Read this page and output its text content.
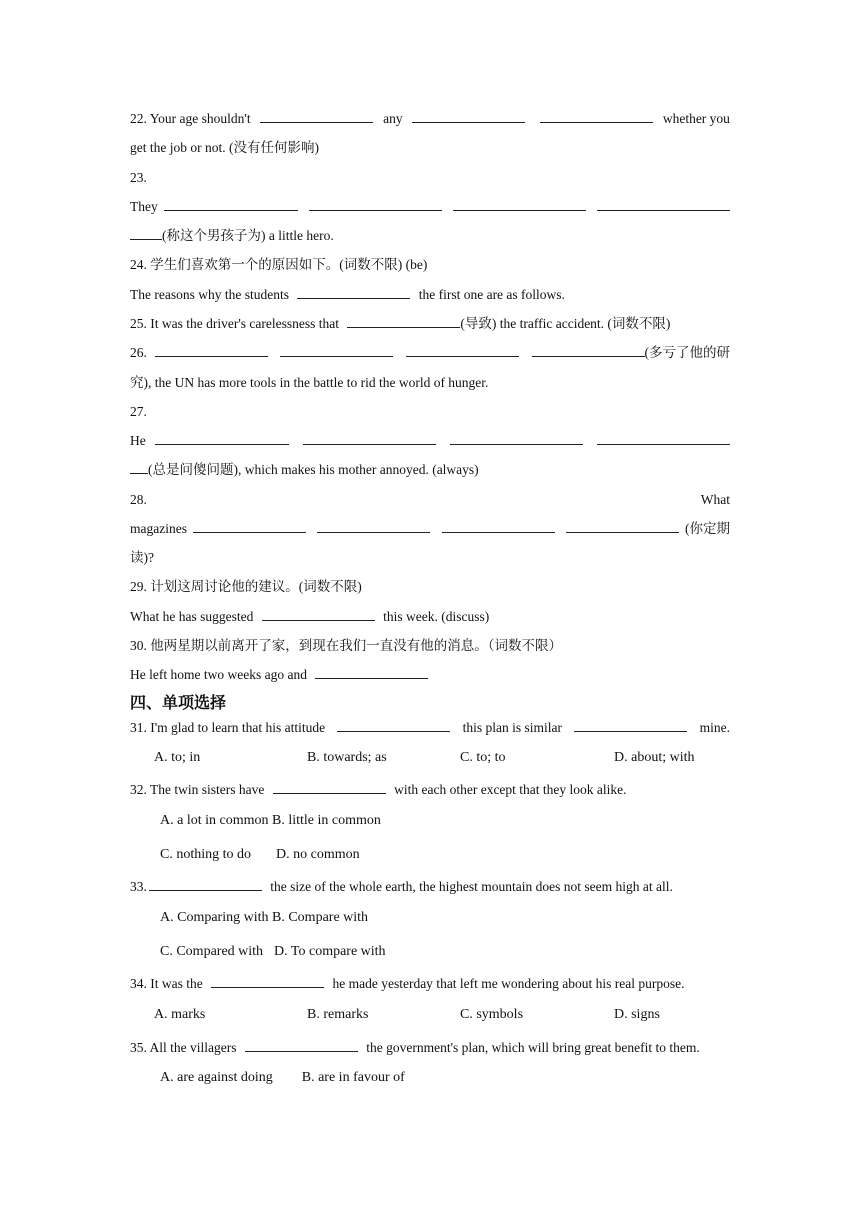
22. Your age shouldn't	any	whether you
get the job or not. (没有任何影响)
23.
They
(称这个男孩子为) a little hero.
24. 学生们喜欢第一个的原因如下。(词数不限) (be)
The reasons why the students	the first one are as follows.
25. It was the driver's carelessness that	(导致) the traffic accident. (词数不限)
26.	(多亏了他的研
究), the UN has more tools in the battle to rid the world of hunger.
27.
He
(总是问傻问题), which makes his mother annoyed. (always)
28.	What
magazines	(你定期
读)?
29. 计划这周讨论他的建议。(词数不限)
What he has suggested	this week. (discuss)
30. 他两星期以前离开了家，到现在我们一直没有他的消息。（词数不限）
He left home two weeks ago and
四、单项选择
31. I'm glad to learn that his attitude	this plan is similar	mine.
A. to; in	B. towards; as	C. to; to	D. about; with
32. The twin sisters have	with each other except that they look alike.
A. a lot in common B. little in common
C. nothing to do D. no common
33.	the size of the whole earth, the highest mountain does not seem high at all.
A. Comparing with B. Compare with
C. Compared with D. To compare with
34. It was the	he made yesterday that left me wondering about his real purpose.
A. marks	B. remarks	C. symbols	D. signs
35. All the villagers	the government's plan, which will bring great benefit to them.
A. are against doing B. are in favour of
